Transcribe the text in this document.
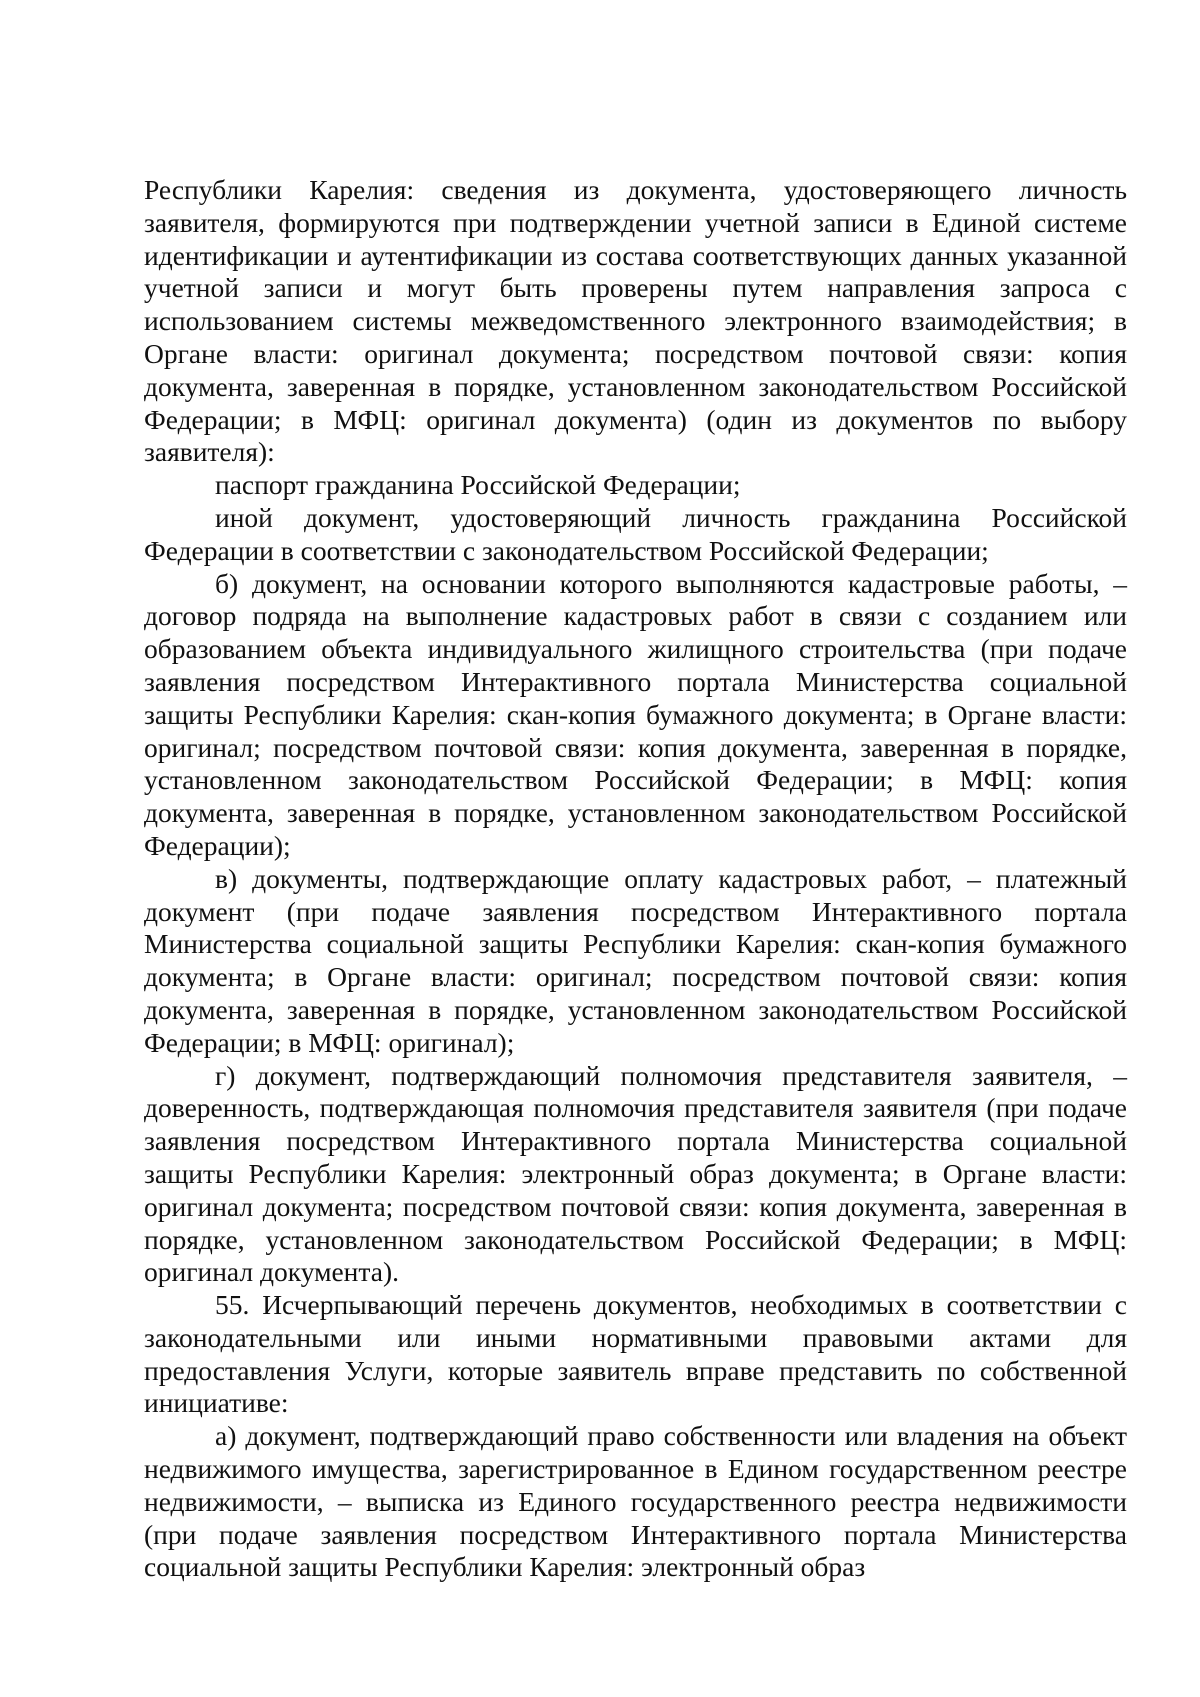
Республики Карелия: сведения из документа, удостоверяющего личность заявителя, формируются при подтверждении учетной записи в Единой системе идентификации и аутентификации из состава соответствующих данных указанной учетной записи и могут быть проверены путем направления запроса с использованием системы межведомственного электронного взаимодействия; в Органе власти: оригинал документа; посредством почтовой связи: копия документа, заверенная в порядке, установленном законодательством Российской Федерации; в МФЦ: оригинал документа) (один из документов по выбору заявителя):

паспорт гражданина Российской Федерации;

иной документ, удостоверяющий личность гражданина Российской Федерации в соответствии с законодательством Российской Федерации;

б) документ, на основании которого выполняются кадастровые работы, – договор подряда на выполнение кадастровых работ в связи с созданием или образованием объекта индивидуального жилищного строительства (при подаче заявления посредством Интерактивного портала Министерства социальной защиты Республики Карелия: скан-копия бумажного документа; в Органе власти: оригинал; посредством почтовой связи: копия документа, заверенная в порядке, установленном законодательством Российской Федерации; в МФЦ: копия документа, заверенная в порядке, установленном законодательством Российской Федерации);

в) документы, подтверждающие оплату кадастровых работ, – платежный документ (при подаче заявления посредством Интерактивного портала Министерства социальной защиты Республики Карелия: скан-копия бумажного документа; в Органе власти: оригинал; посредством почтовой связи: копия документа, заверенная в порядке, установленном законодательством Российской Федерации; в МФЦ: оригинал);

г) документ, подтверждающий полномочия представителя заявителя, – доверенность, подтверждающая полномочия представителя заявителя (при подаче заявления посредством Интерактивного портала Министерства социальной защиты Республики Карелия: электронный образ документа; в Органе власти: оригинал документа; посредством почтовой связи: копия документа, заверенная в порядке, установленном законодательством Российской Федерации; в МФЦ: оригинал документа).

55. Исчерпывающий перечень документов, необходимых в соответствии с законодательными или иными нормативными правовыми актами для предоставления Услуги, которые заявитель вправе представить по собственной инициативе:

а) документ, подтверждающий право собственности или владения на объект недвижимого имущества, зарегистрированное в Едином государственном реестре недвижимости, – выписка из Единого государственного реестра недвижимости (при подаче заявления посредством Интерактивного портала Министерства социальной защиты Республики Карелия: электронный образ
